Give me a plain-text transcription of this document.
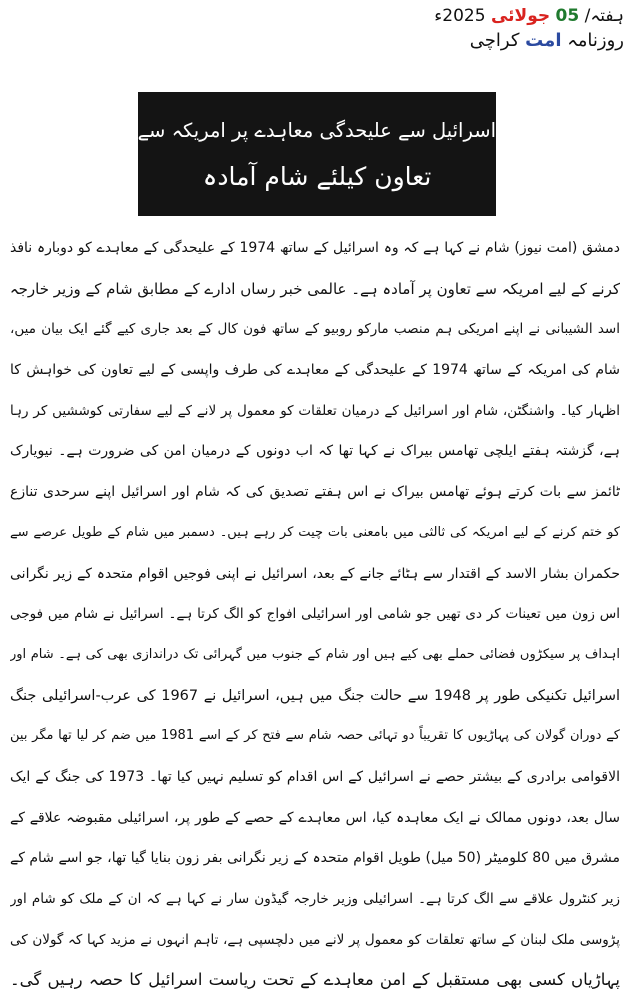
ہفتہ/ 05 جولائی 2025ء
روزنامہ امت کراچی
اسرائیل سے علیحدگی معاہدے پر امریکہ سے
تعاون کیلئے شام آمادہ
دمشق (امت نیوز) شام نے کہا ہے کہ وہ اسرائیل کے ساتھ 1974 کے علیحدگی کے معاہدے کو دوبارہ نافذ
کرنے کے لیے امریکہ سے تعاون پر آمادہ ہے۔ عالمی خبر رساں ادارے کے مطابق شام کے وزیر خارجہ
اسد الشیبانی نے اپنے امریکی ہم منصب مارکو روبیو کے ساتھ فون کال کے بعد جاری کیے گئے ایک بیان میں،
شام کی امریکہ کے ساتھ 1974 کے علیحدگی کے معاہدے کی طرف واپسی کے لیے تعاون کی خواہش کا
اظہار کیا۔ واشنگٹن، شام اور اسرائیل کے درمیان تعلقات کو معمول پر لانے کے لیے سفارتی کوششیں کر رہا
ہے، گزشتہ ہفتے ایلچی تھامس بیراک نے کہا تھا کہ اب دونوں کے درمیان امن کی ضرورت ہے۔ نیویارک
ٹائمز سے بات کرتے ہوئے تھامس بیراک نے اس ہفتے تصدیق کی کہ شام اور اسرائیل اپنے سرحدی تنازع
کو ختم کرنے کے لیے امریکہ کی ثالثی میں بامعنی بات چیت کر رہے ہیں۔ دسمبر میں شام کے طویل عرصے سے
حکمران بشار الاسد کے اقتدار سے ہٹائے جانے کے بعد، اسرائیل نے اپنی فوجیں اقوام متحدہ کے زیر نگرانی
اس زون میں تعینات کر دی تھیں جو شامی اور اسرائیلی افواج کو الگ کرتا ہے۔ اسرائیل نے شام میں فوجی
اہداف پر سیکڑوں فضائی حملے بھی کیے ہیں اور شام کے جنوب میں گہرائی تک دراندازی بھی کی ہے۔ شام اور
اسرائیل تکنیکی طور پر 1948 سے حالت جنگ میں ہیں، اسرائیل نے 1967 کی عرب-اسرائیلی جنگ
کے دوران گولان کی پہاڑیوں کا تقریباً دو تہائی حصہ شام سے فتح کر کے اسے 1981 میں ضم کر لیا تھا مگر بین
الاقوامی برادری کے بیشتر حصے نے اسرائیل کے اس اقدام کو تسلیم نہیں کیا تھا۔ 1973 کی جنگ کے ایک
سال بعد، دونوں ممالک نے ایک معاہدہ کیا، اس معاہدے کے حصے کے طور پر، اسرائیلی مقبوضہ علاقے کے
مشرق میں 80 کلومیٹر (50 میل) طویل اقوام متحدہ کے زیر نگرانی بفر زون بنایا گیا تھا، جو اسے شام کے
زیر کنٹرول علاقے سے الگ کرتا ہے۔ اسرائیلی وزیر خارجہ گیڈون سار نے کہا ہے کہ ان کے ملک کو شام اور
پڑوسی ملک لبنان کے ساتھ تعلقات کو معمول پر لانے میں دلچسپی ہے، تاہم انہوں نے مزید کہا کہ گولان کی
پہاڑیاں کسی بھی مستقبل کے امن معاہدے کے تحت ریاست اسرائیل کا حصہ رہیں گی۔
